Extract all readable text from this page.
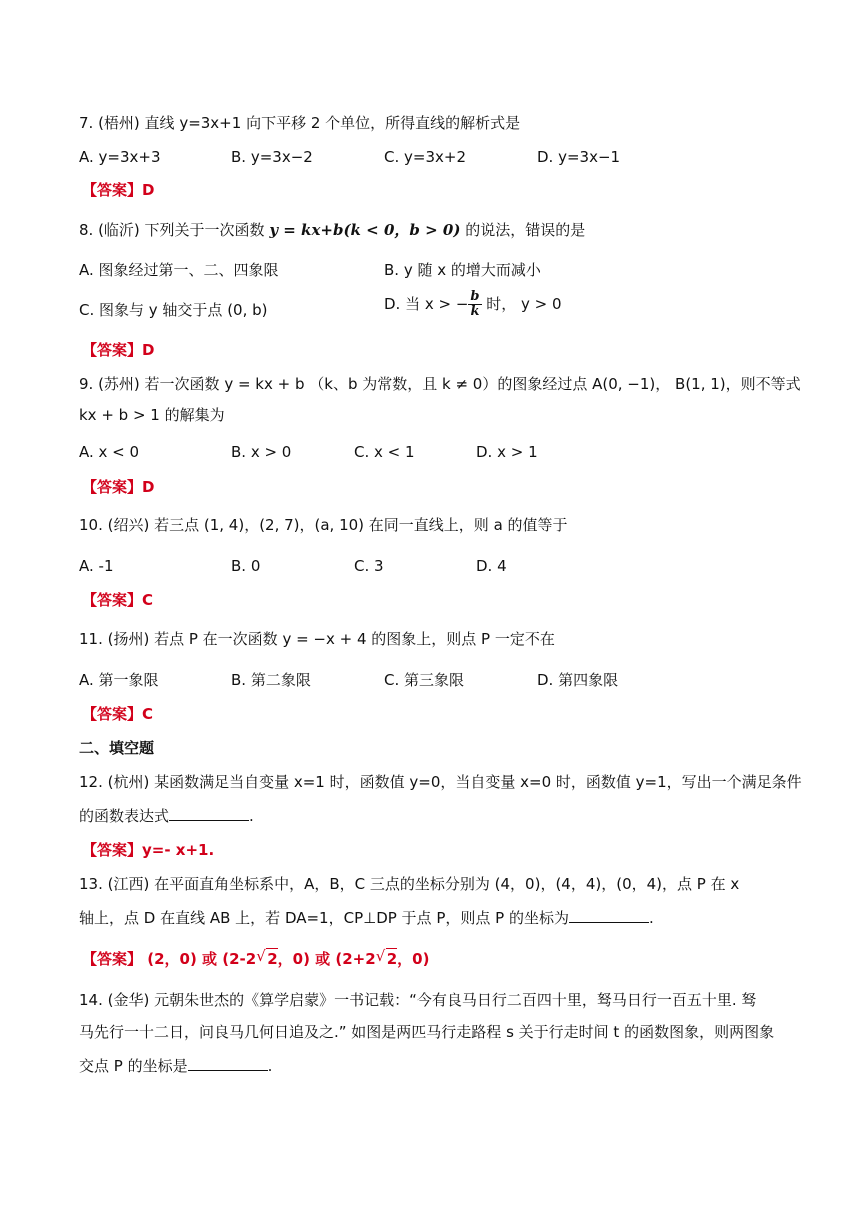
7. (梧州) 直线 y=3x+1 向下平移 2 个单位，所得直线的解析式是
A. y=3x+3	B. y=3x−2	C. y=3x+2	D. y=3x−1
【答案】D
8. (临沂) 下列关于一次函数 y = kx+b(k < 0，b > 0) 的说法，错误的是
A. 图象经过第一、二、四象限	B. y 随 x 的增大而减小
C. 图象与 y 轴交于点 (0, b)	D. 当 x > − $\frac{b}{k}$ 时， y > 0
【答案】D
9. (苏州) 若一次函数 y = kx + b （k、b 为常数，且 k ≠ 0）的图象经过点 A(0, −1)， B(1, 1)，则不等式
kx + b > 1 的解集为
A. x < 0	B. x > 0	C. x < 1	D. x > 1
【答案】D
10. (绍兴) 若三点 (1, 4)，(2, 7)，(a, 10) 在同一直线上，则 a 的值等于
A. -1	B. 0	C. 3	D. 4
【答案】C
11. (扬州) 若点 P 在一次函数 y = −x + 4 的图象上，则点 P 一定不在
A. 第一象限	B. 第二象限	C. 第三象限	D. 第四象限
【答案】C
二、填空题
12. (杭州) 某函数满足当自变量 x=1 时，函数值 y=0，当自变量 x=0 时，函数值 y=1，写出一个满足条件
的函数表达式	.
【答案】y=- x+1.
13. (江西) 在平面直角坐标系中，A，B，C 三点的坐标分别为 (4，0)，(4，4)，(0，4)，点 P 在 x
轴上，点 D 在直线 AB 上，若 DA=1，CP⊥DP 于点 P，则点 P 的坐标为	.
【答案】 (2，0) 或 (2-2 √ 2，0) 或 (2+2 √ 2，0)
14. (金华) 元朝朱世杰的《算学启蒙》一书记载：“今有良马日行二百四十里，驽马日行一百五十里. 驽
马先行一十二日，问良马几何日追及之.” 如图是两匹马行走路程 s 关于行走时间 t 的函数图象，则两图象
交点 P 的坐标是	.
